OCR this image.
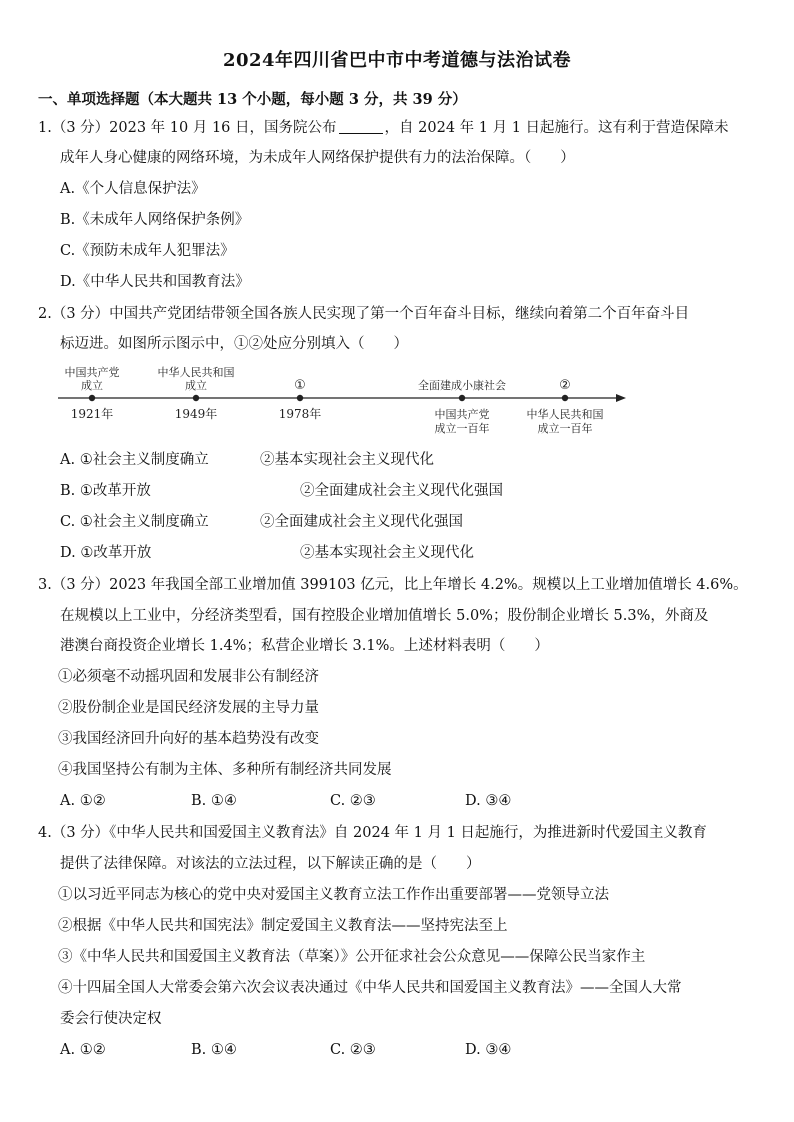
2024年四川省巴中市中考道德与法治试卷
一、单项选择题（本大题共 13 个小题，每小题 3 分，共 39 分）
1.（3 分）2023 年 10 月 16 日，国务院公布	，自 2024 年 1 月 1 日起施行。这有利于营造保障未
成年人身心健康的网络环境，为未成年人网络保护提供有力的法治保障。（　　）
A.《个人信息保护法》
B.《未成年人网络保护条例》
C.《预防未成年人犯罪法》
D.《中华人民共和国教育法》
2.（3 分）中国共产党团结带领全国各族人民实现了第一个百年奋斗目标，继续向着第二个百年奋斗目
标迈进。如图所示图示中，①②处应分别填入（　　）
中国共产党
成立
中华人民共和国
成立	①	全面建成小康社会	②
1921年	1949年	1978年	中国共产党
成立一百年
中华人民共和国
成立一百年
A. ①社会主义制度确立	②基本实现社会主义现代化
B. ①改革开放	②全面建成社会主义现代化强国
C. ①社会主义制度确立	②全面建成社会主义现代化强国
D. ①改革开放	②基本实现社会主义现代化
3.（3 分）2023 年我国全部工业增加值 399103 亿元，比上年增长 4.2%。规模以上工业增加值增长 4.6%。
在规模以上工业中，分经济类型看，国有控股企业增加值增长 5.0%；股份制企业增长 5.3%，外商及
港澳台商投资企业增长 1.4%；私营企业增长 3.1%。上述材料表明（　　）
①必须毫不动摇巩固和发展非公有制经济
②股份制企业是国民经济发展的主导力量
③我国经济回升向好的基本趋势没有改变
④我国坚持公有制为主体、多种所有制经济共同发展
A. ①②	B. ①④	C. ②③	D. ③④
4.（3 分）《中华人民共和国爱国主义教育法》自 2024 年 1 月 1 日起施行，为推进新时代爱国主义教育
提供了法律保障。对该法的立法过程，以下解读正确的是（　　）
①以习近平同志为核心的党中央对爱国主义教育立法工作作出重要部署——党领导立法
②根据《中华人民共和国宪法》制定爱国主义教育法——坚持宪法至上
③《中华人民共和国爱国主义教育法（草案）》公开征求社会公众意见——保障公民当家作主
④十四届全国人大常委会第六次会议表决通过《中华人民共和国爱国主义教育法》——全国人大常
委会行使决定权
A. ①②	B. ①④	C. ②③	D. ③④
